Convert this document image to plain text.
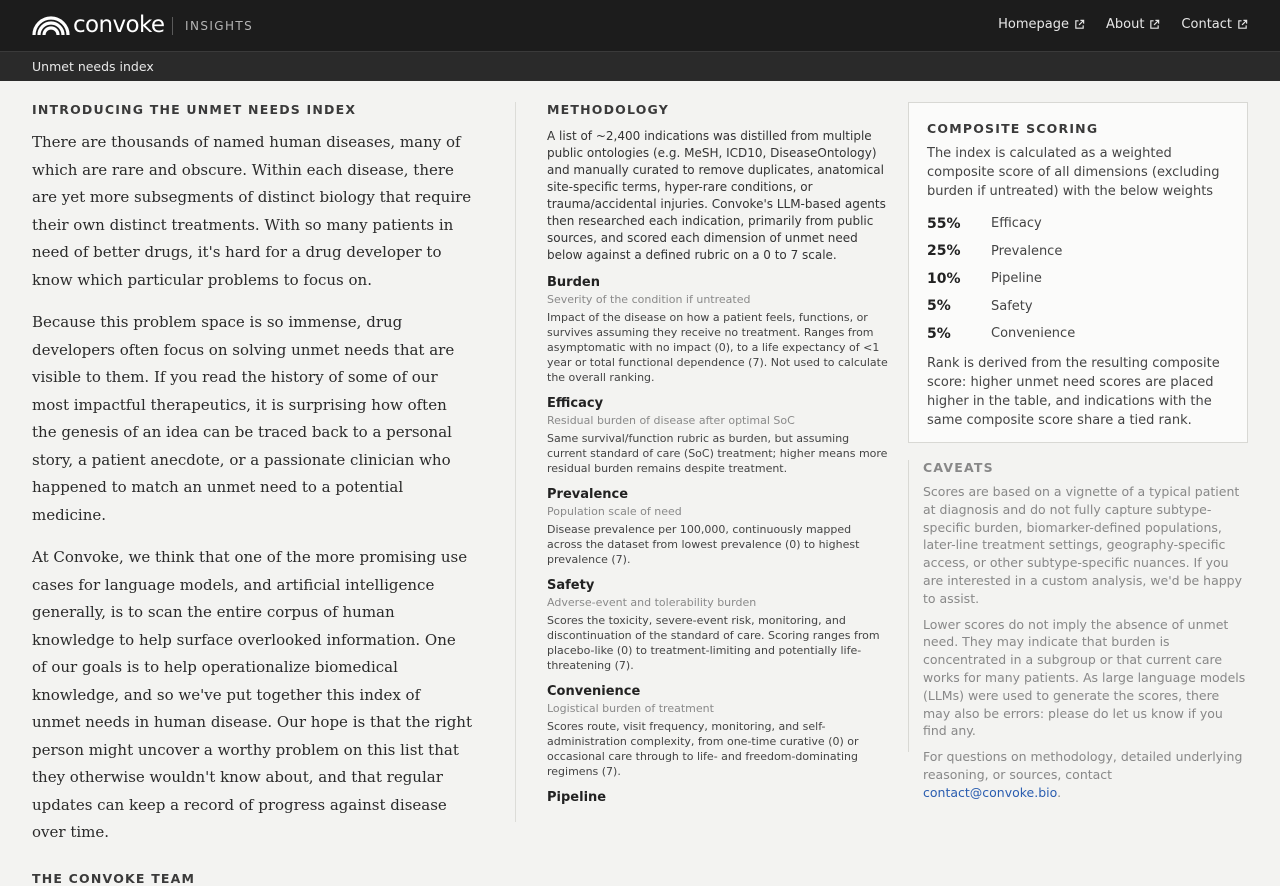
convoke INSIGHTS	Homepage	About	Contact
Unmet needs index
INTRODUCING THE UNMET NEEDS INDEX

There are thousands of named human diseases, many of which are rare and obscure. Within each disease, there are yet more subsegments of distinct biology that require their own distinct treatments. With so many patients in need of better drugs, it's hard for a drug developer to know which particular problems to focus on.

Because this problem space is so immense, drug developers often focus on solving unmet needs that are visible to them. If you read the history of some of our most impactful therapeutics, it is surprising how often the genesis of an idea can be traced back to a personal story, a patient anecdote, or a passionate clinician who happened to match an unmet need to a potential medicine.

At Convoke, we think that one of the more promising use cases for language models, and artificial intelligence generally, is to scan the entire corpus of human knowledge to help surface overlooked information. One of our goals is to help operationalize biomedical knowledge, and so we've put together this index of unmet needs in human disease. Our hope is that the right person might uncover a worthy problem on this list that they otherwise wouldn't know about, and that regular updates can keep a record of progress against disease over time.

THE CONVOKE TEAM
METHODOLOGY

A list of ~2,400 indications was distilled from multiple public ontologies (e.g. MeSH, ICD10, DiseaseOntology) and manually curated to remove duplicates, anatomical site-specific terms, hyper-rare conditions, or trauma/accidental injuries. Convoke's LLM-based agents then researched each indication, primarily from public sources, and scored each dimension of unmet need below against a defined rubric on a 0 to 7 scale.

Burden
Severity of the condition if untreated
Impact of the disease on how a patient feels, functions, or survives assuming they receive no treatment. Ranges from asymptomatic with no impact (0), to a life expectancy of <1 year or total functional dependence (7). Not used to calculate the overall ranking.
Efficacy
Residual burden of disease after optimal SoC
Same survival/function rubric as burden, but assuming current standard of care (SoC) treatment; higher means more residual burden remains despite treatment.
Prevalence
Population scale of need
Disease prevalence per 100,000, continuously mapped across the dataset from lowest prevalence (0) to highest prevalence (7).
Safety
Adverse-event and tolerability burden
Scores the toxicity, severe-event risk, monitoring, and discontinuation of the standard of care. Scoring ranges from placebo-like (0) to treatment-limiting and potentially life-threatening (7).
Convenience
Logistical burden of treatment
Scores route, visit frequency, monitoring, and self-administration complexity, from one-time curative (0) or occasional care through to life- and freedom-dominating regimens (7).
Pipeline
COMPOSITE SCORING

The index is calculated as a weighted composite score of all dimensions (excluding burden if untreated) with the below weights

55%	Efficacy
25%	Prevalence
10%	Pipeline
5%	Safety
5%	Convenience

Rank is derived from the resulting composite score: higher unmet need scores are placed higher in the table, and indications with the same composite score share a tied rank.

CAVEATS

Scores are based on a vignette of a typical patient at diagnosis and do not fully capture subtype-specific burden, biomarker-defined populations, later-line treatment settings, geography-specific access, or other subtype-specific nuances. If you are interested in a custom analysis, we'd be happy to assist.

Lower scores do not imply the absence of unmet need. They may indicate that burden is concentrated in a subgroup or that current care works for many patients. As large language models (LLMs) were used to generate the scores, there may also be errors: please do let us know if you find any.

For questions on methodology, detailed underlying reasoning, or sources, contact contact@convoke.bio.
